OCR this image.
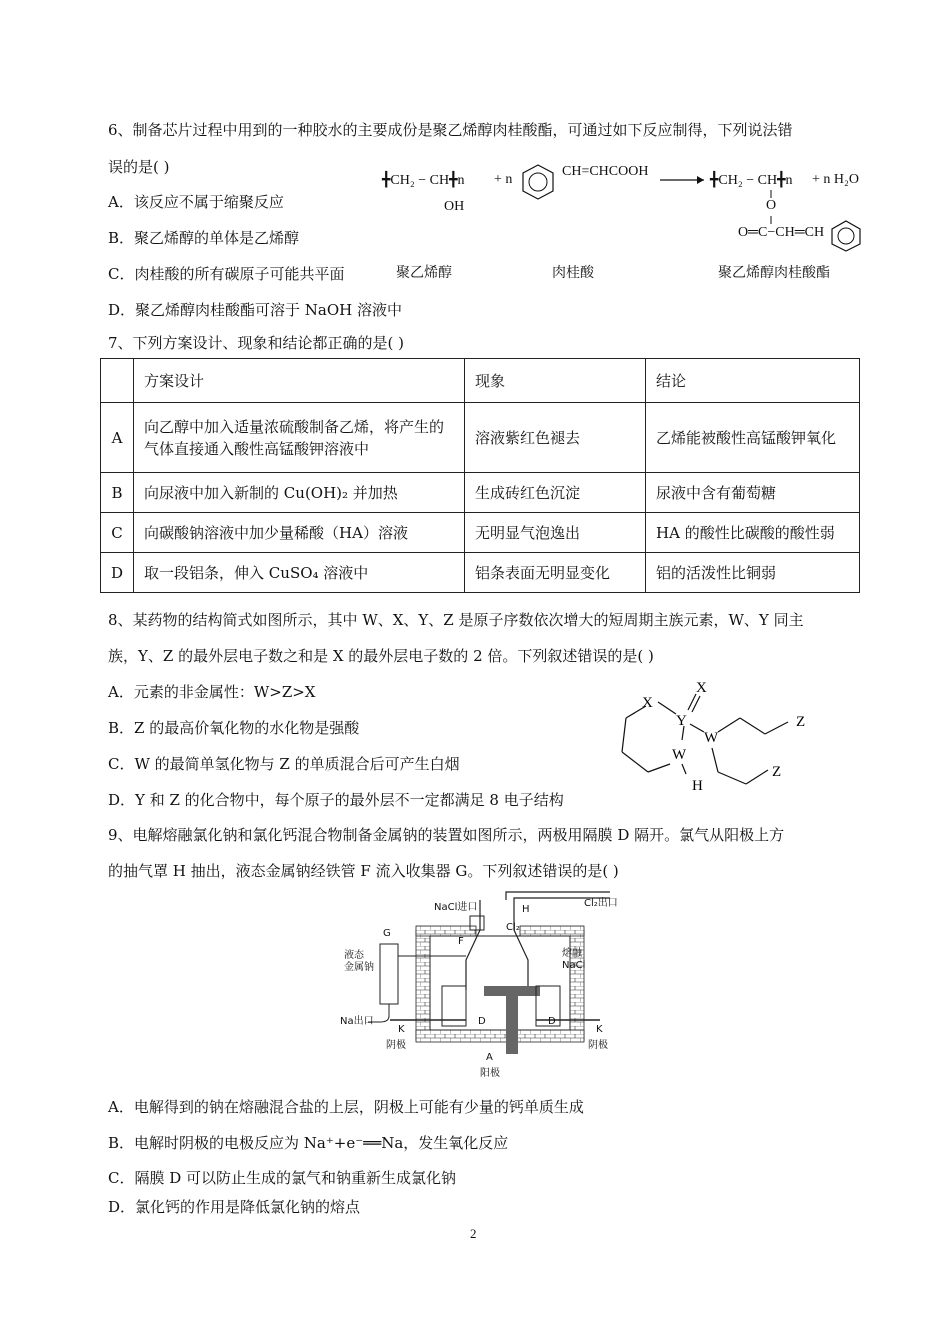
6、制备芯片过程中用到的一种胶水的主要成份是聚乙烯醇肉桂酸酯，可通过如下反应制得，下列说法错
误的是( )
A．该反应不属于缩聚反应
B．聚乙烯醇的单体是乙烯醇
C．肉桂酸的所有碳原子可能共平面
D．聚乙烯醇肉桂酸酯可溶于 NaOH 溶液中
╋CH₂ − CH╋n
OH
+ n
CH=CHCOOH
→ ╋CH₂ − CH╋n + n H₂O
O
O═C−CH═CH
聚乙烯醇	肉桂酸	聚乙烯醇肉桂酸酯
7、下列方案设计、现象和结论都正确的是( )
	方案设计	现象	结论
A	向乙醇中加入适量浓硫酸制备乙烯，将产生的气体直接通入酸性高锰酸钾溶液中	溶液紫红色褪去	乙烯能被酸性高锰酸钾氧化
B	向尿液中加入新制的 Cu(OH)₂ 并加热	生成砖红色沉淀	尿液中含有葡萄糖
C	向碳酸钠溶液中加少量稀酸（HA）溶液	无明显气泡逸出	HA 的酸性比碳酸的酸性弱
D	取一段铝条，伸入 CuSO₄ 溶液中	铝条表面无明显变化	铝的活泼性比铜弱
8、某药物的结构简式如图所示，其中 W、X、Y、Z 是原子序数依次增大的短周期主族元素，W、Y 同主
族，Y、Z 的最外层电子数之和是 X 的最外层电子数的 2 倍。下列叙述错误的是( )
A．元素的非金属性：W>Z>X
B．Z 的最高价氧化物的水化物是强酸
C．W 的最简单氢化物与 Z 的单质混合后可产生白烟
D．Y 和 Z 的化合物中，每个原子的最外层不一定都满足 8 电子结构
X
X
Y
W
W
H
Z
Z
9、电解熔融氯化钠和氯化钙混合物制备金属钠的装置如图所示，两极用隔膜 D 隔开。氯气从阳极上方
的抽气罩 H 抽出，液态金属钠经铁管 F 流入收集器 G。下列叙述错误的是( )
NaCl进口	H
Cl₂出口
Cl₂
G
F
液态
金属钠
熔融
NaCl
Na出口	D	D
K	K
阴极	阴极
A
阳极
A．电解得到的钠在熔融混合盐的上层，阴极上可能有少量的钙单质生成
B．电解时阴极的电极反应为 Na⁺+e⁻══Na，发生氧化反应
C．隔膜 D 可以防止生成的氯气和钠重新生成氯化钠
D．氯化钙的作用是降低氯化钠的熔点
2
